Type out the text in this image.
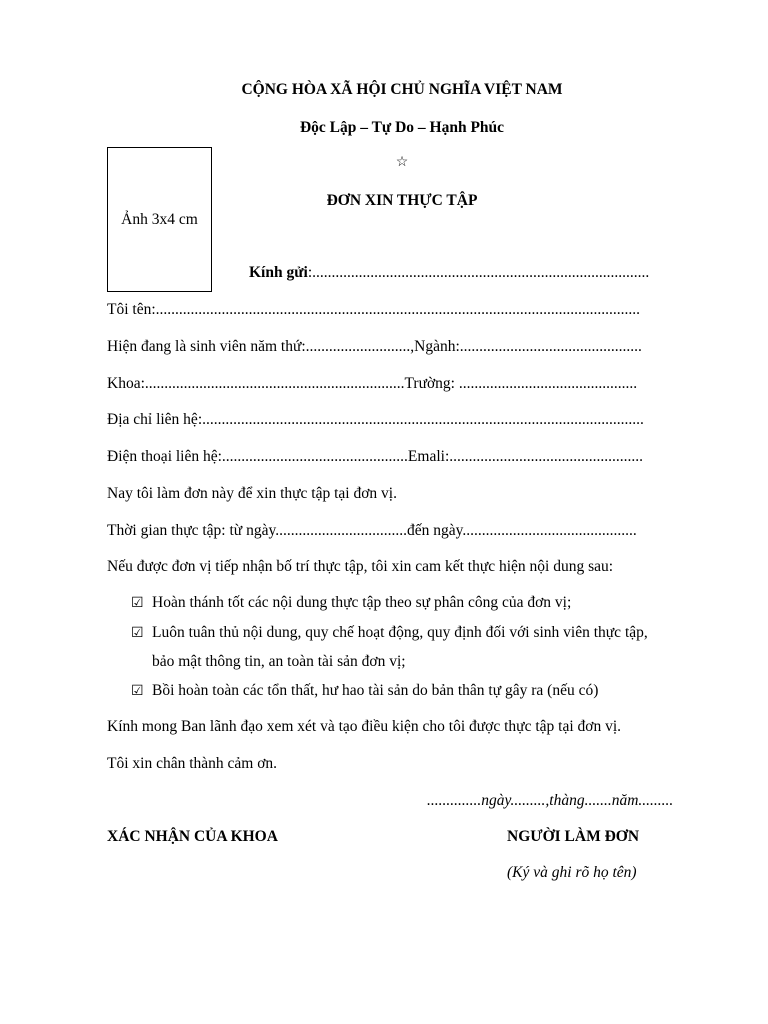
CỘNG HÒA XÃ HỘI CHỦ NGHĨA VIỆT NAM
Độc Lập – Tự Do – Hạnh Phúc
☆
ĐƠN XIN THỰC TẬP
Ảnh 3x4 cm
Kính gửi:.......................................................................................
Tôi tên:.............................................................................................................................
Hiện đang là sinh viên năm thứ:...........................,Ngành:...............................................
Khoa:...................................................................Trường: ..............................................
Địa chỉ liên hệ:..................................................................................................................
Điện thoại liên hệ:................................................Emali:..................................................
Nay tôi làm đơn này để xin thực tập tại đơn vị.
Thời gian thực tập: từ ngày..................................đến ngày.............................................
Nếu được đơn vị tiếp nhận bố trí thực tập, tôi xin cam kết thực hiện nội dung sau:
☑ Hoàn thánh tốt các nội dung thực tập theo sự phân công của đơn vị;
☑ Luôn tuân thủ nội dung, quy chế hoạt động, quy định đối với sinh viên thực tập,
bảo mật thông tin, an toàn tài sản đơn vị;
☑ Bồi hoàn toàn các tổn thất, hư hao tài sản do bản thân tự gây ra (nếu có)
Kính mong Ban lãnh đạo xem xét và tạo điều kiện cho tôi được thực tập tại đơn vị.
Tôi xin chân thành cảm ơn.
..............ngày.........,thàng.......năm.........
XÁC NHẬN CỦA KHOA	NGƯỜI LÀM ĐƠN
(Ký và ghi rõ họ tên)
